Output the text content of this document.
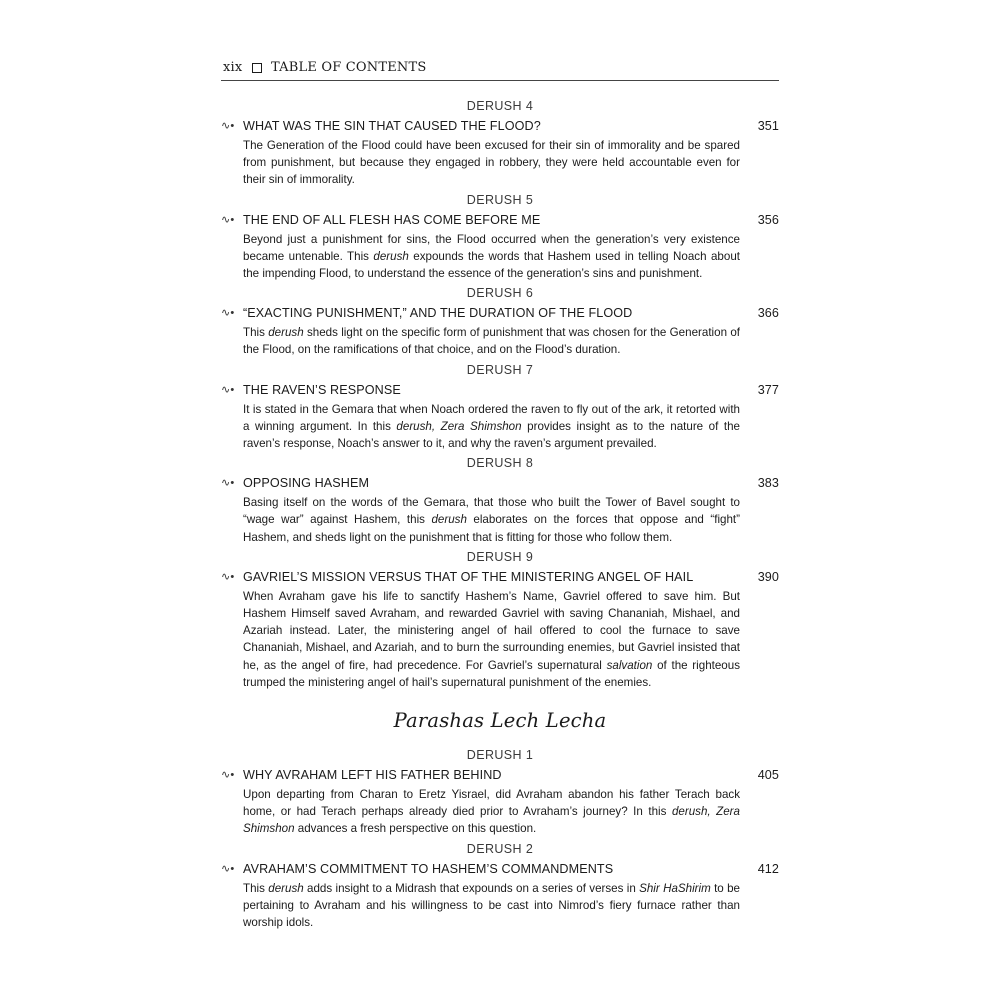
xix TABLE OF CONTENTS
DERUSH 4
∿• WHAT WAS THE SIN THAT CAUSED THE FLOOD?	351
The Generation of the Flood could have been excused for their sin of immorality and be spared from punishment, but because they engaged in robbery, they were held accountable even for their sin of immorality.
DERUSH 5
∿• THE END OF ALL FLESH HAS COME BEFORE ME	356
Beyond just a punishment for sins, the Flood occurred when the generation’s very existence became untenable. This derush expounds the words that Hashem used in telling Noach about the impending Flood, to understand the essence of the generation’s sins and punishment.
DERUSH 6
∿• “EXACTING PUNISHMENT,” AND THE DURATION OF THE FLOOD	366
This derush sheds light on the specific form of punishment that was chosen for the Generation of the Flood, on the ramifications of that choice, and on the Flood’s duration.
DERUSH 7
∿• THE RAVEN’S RESPONSE	377
It is stated in the Gemara that when Noach ordered the raven to fly out of the ark, it retorted with a winning argument. In this derush, Zera Shimshon provides insight as to the nature of the raven’s response, Noach’s answer to it, and why the raven’s argument prevailed.
DERUSH 8
∿• OPPOSING HASHEM	383
Basing itself on the words of the Gemara, that those who built the Tower of Bavel sought to “wage war” against Hashem, this derush elaborates on the forces that oppose and “fight” Hashem, and sheds light on the punishment that is fitting for those who follow them.
DERUSH 9
∿• GAVRIEL’S MISSION VERSUS THAT OF THE MINISTERING ANGEL OF HAIL	390
When Avraham gave his life to sanctify Hashem’s Name, Gavriel offered to save him. But Hashem Himself saved Avraham, and rewarded Gavriel with saving Chananiah, Mishael, and Azariah instead. Later, the ministering angel of hail offered to cool the furnace to save Chananiah, Mishael, and Azariah, and to burn the surrounding enemies, but Gavriel insisted that he, as the angel of fire, had precedence. For Gavriel’s supernatural salvation of the righteous trumped the ministering angel of hail’s supernatural punishment of the enemies.
Parashas Lech Lecha
DERUSH 1
∿• WHY AVRAHAM LEFT HIS FATHER BEHIND	405
Upon departing from Charan to Eretz Yisrael, did Avraham abandon his father Terach back home, or had Terach perhaps already died prior to Avraham’s journey? In this derush, Zera Shimshon advances a fresh perspective on this question.
DERUSH 2
∿• AVRAHAM’S COMMITMENT TO HASHEM’S COMMANDMENTS	412
This derush adds insight to a Midrash that expounds on a series of verses in Shir HaShirim to be pertaining to Avraham and his willingness to be cast into Nimrod’s fiery furnace rather than worship idols.
